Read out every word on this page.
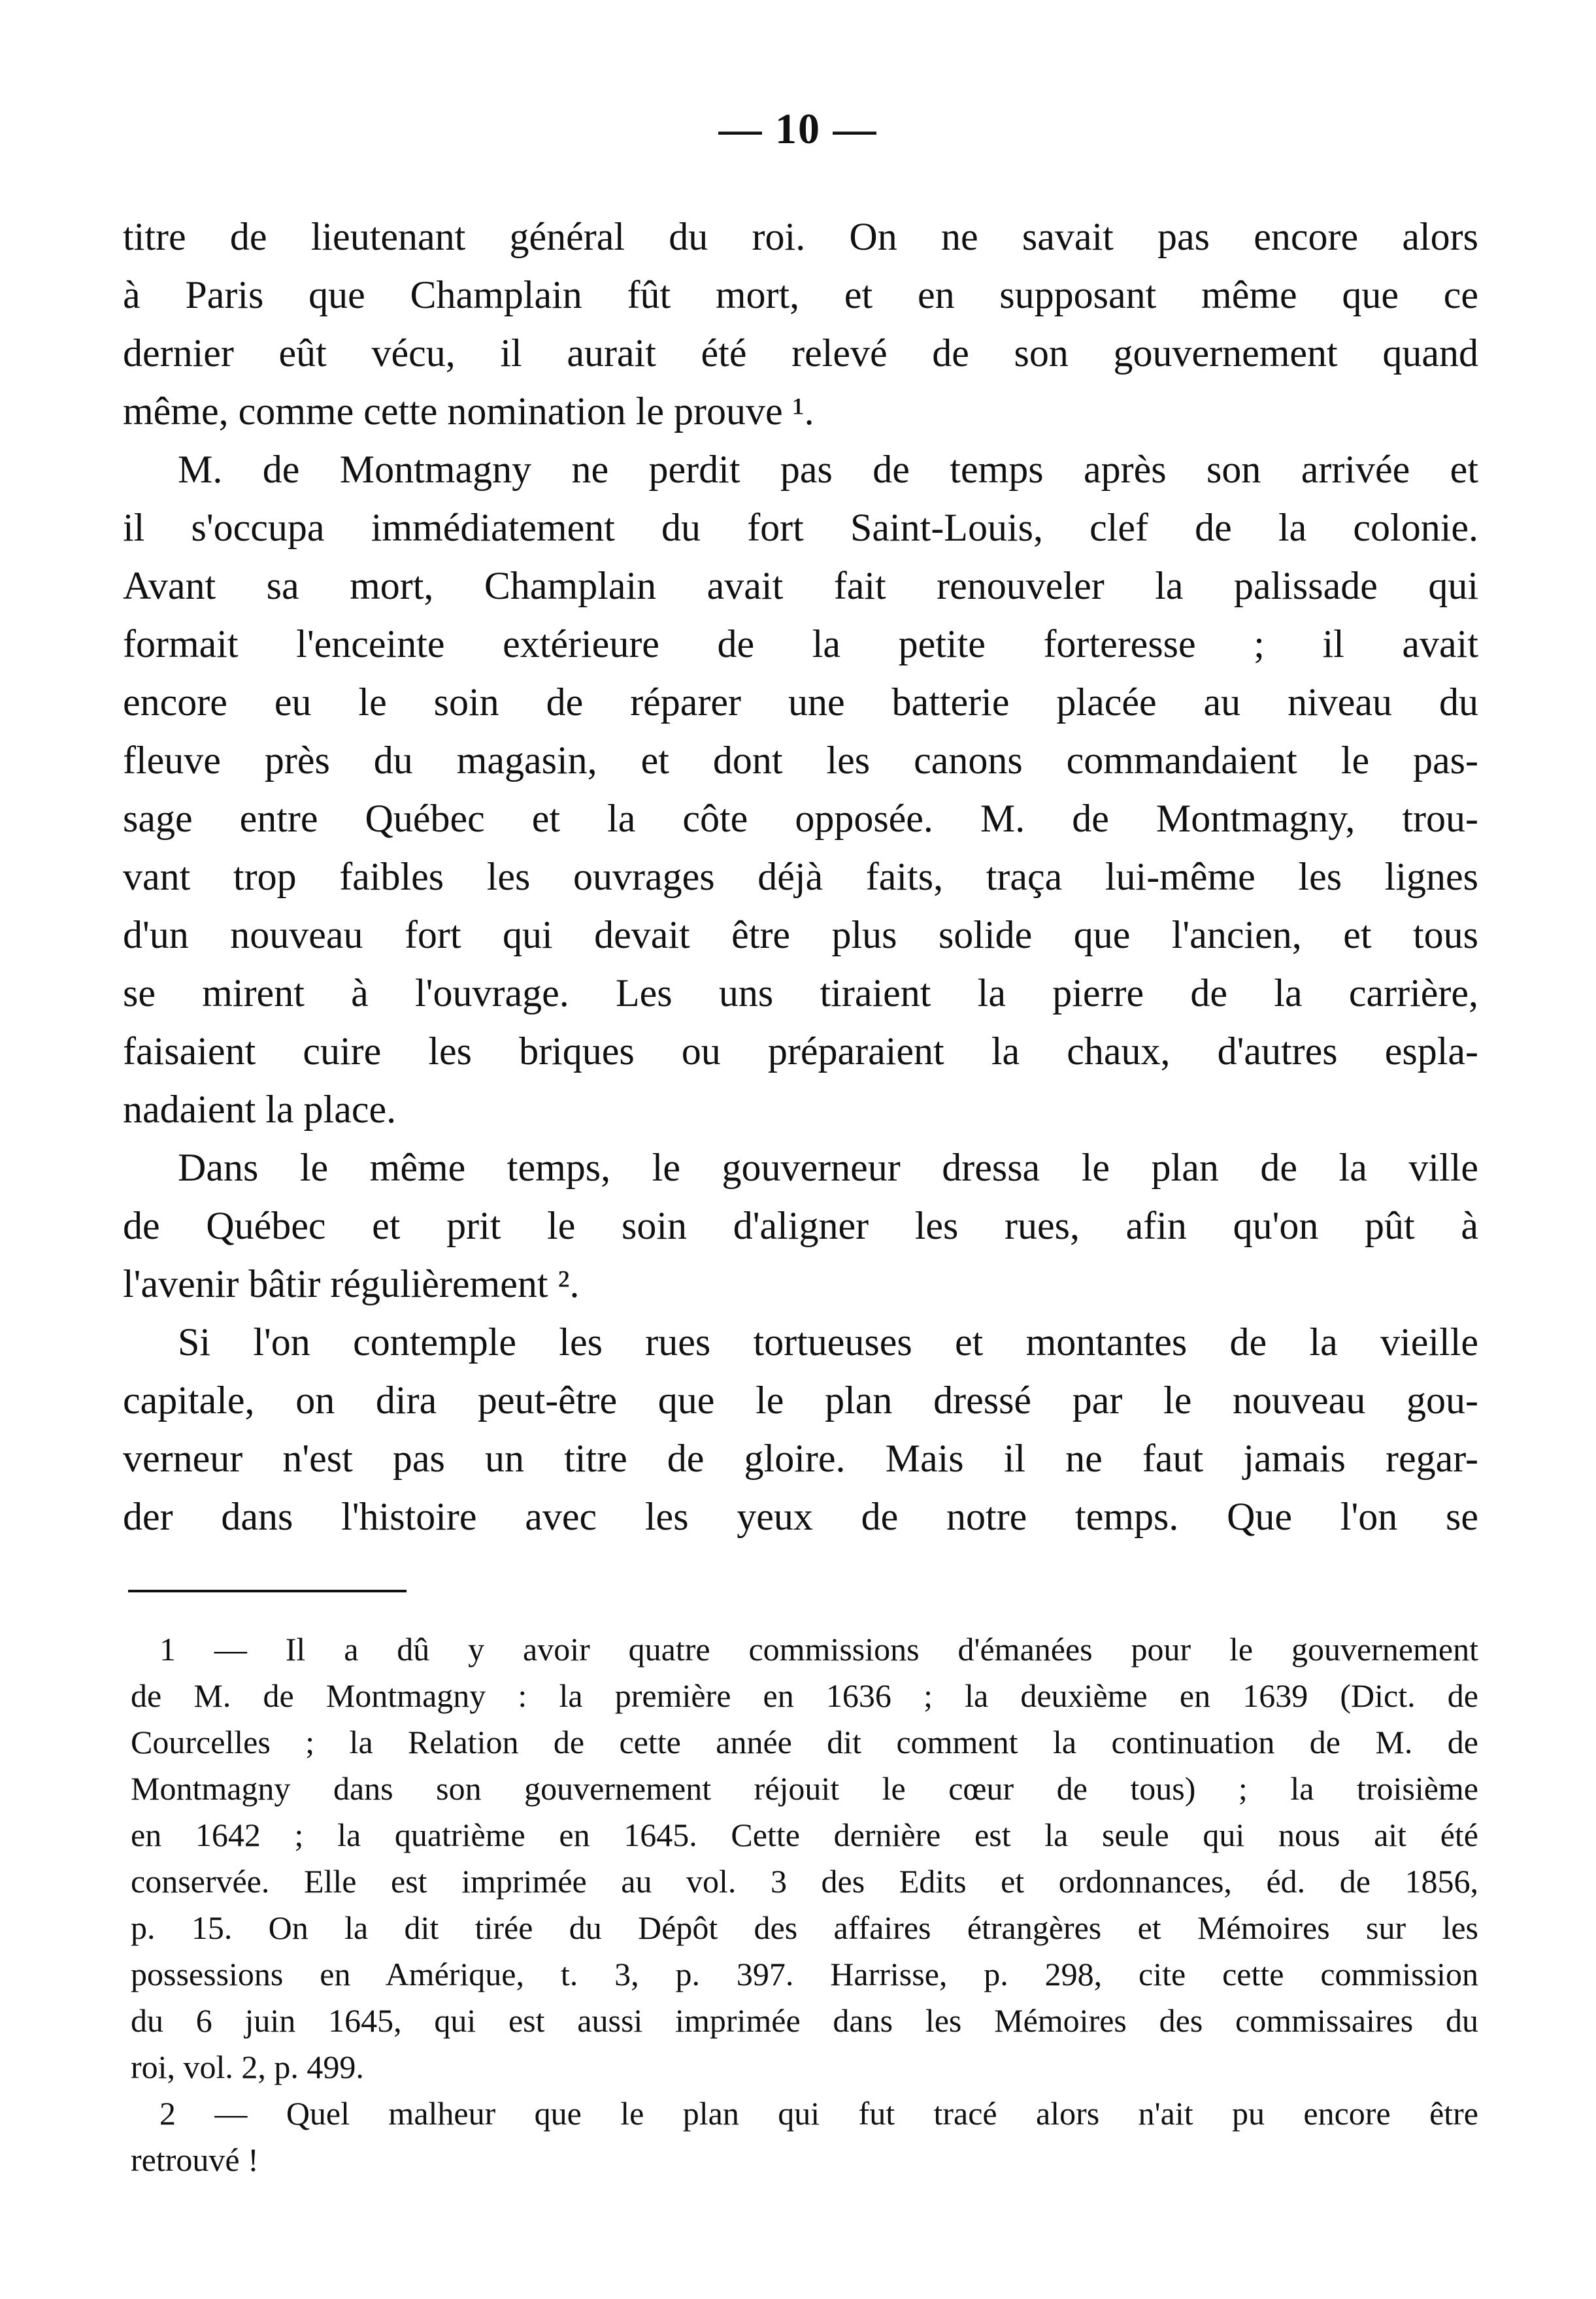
— 10 —
titre de lieutenant général du roi. On ne savait pas encore alors
à Paris que Champlain fût mort, et en supposant même que ce
dernier eût vécu, il aurait été relevé de son gouvernement quand
même, comme cette nomination le prouve ¹.
M. de Montmagny ne perdit pas de temps après son arrivée et
il s'occupa immédiatement du fort Saint-Louis, clef de la colonie.
Avant sa mort, Champlain avait fait renouveler la palissade qui
formait l'enceinte extérieure de la petite forteresse ; il avait
encore eu le soin de réparer une batterie placée au niveau du
fleuve près du magasin, et dont les canons commandaient le pas-
sage entre Québec et la côte opposée. M. de Montmagny, trou-
vant trop faibles les ouvrages déjà faits, traça lui-même les lignes
d'un nouveau fort qui devait être plus solide que l'ancien, et tous
se mirent à l'ouvrage. Les uns tiraient la pierre de la carrière,
faisaient cuire les briques ou préparaient la chaux, d'autres espla-
nadaient la place.
Dans le même temps, le gouverneur dressa le plan de la ville
de Québec et prit le soin d'aligner les rues, afin qu'on pût à
l'avenir bâtir régulièrement ².
Si l'on contemple les rues tortueuses et montantes de la vieille
capitale, on dira peut-être que le plan dressé par le nouveau gou-
verneur n'est pas un titre de gloire. Mais il ne faut jamais regar-
der dans l'histoire avec les yeux de notre temps. Que l'on se
1 — Il a dû y avoir quatre commissions d'émanées pour le gouvernement
de M. de Montmagny : la première en 1636 ; la deuxième en 1639 (Dict. de
Courcelles ; la Relation de cette année dit comment la continuation de M. de
Montmagny dans son gouvernement réjouit le cœur de tous) ; la troisième
en 1642 ; la quatrième en 1645. Cette dernière est la seule qui nous ait été
conservée. Elle est imprimée au vol. 3 des Edits et ordonnances, éd. de 1856,
p. 15. On la dit tirée du Dépôt des affaires étrangères et Mémoires sur les
possessions en Amérique, t. 3, p. 397. Harrisse, p. 298, cite cette commission
du 6 juin 1645, qui est aussi imprimée dans les Mémoires des commissaires du
roi, vol. 2, p. 499.
2 — Quel malheur que le plan qui fut tracé alors n'ait pu encore être
retrouvé !
